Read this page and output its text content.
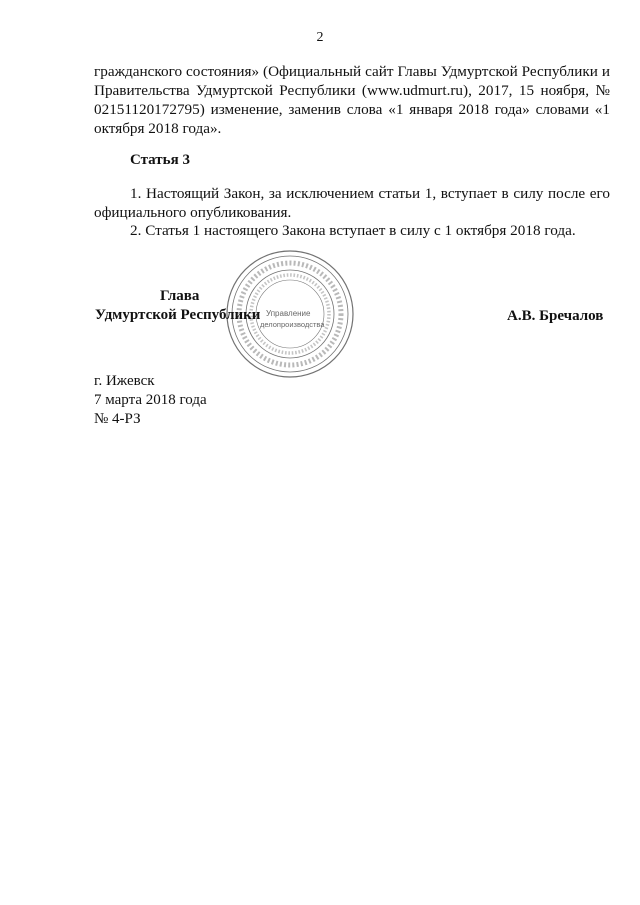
2
гражданского состояния» (Официальный сайт Главы Удмуртской Республики и Правительства Удмуртской Республики (www.udmurt.ru), 2017, 15 ноября, № 02151120172795) изменение, заменив слова «1 января 2018 года» словами «1 октября 2018 года».
Статья 3
1. Настоящий Закон, за исключением статьи 1, вступает в силу после его официального опубликования.
2. Статья 1 настоящего Закона вступает в силу с 1 октября 2018 года.
Управление
делопроизводства
Глава
Удмуртской Республики	А.В. Бречалов
г. Ижевск
7 марта 2018 года
№ 4-РЗ
